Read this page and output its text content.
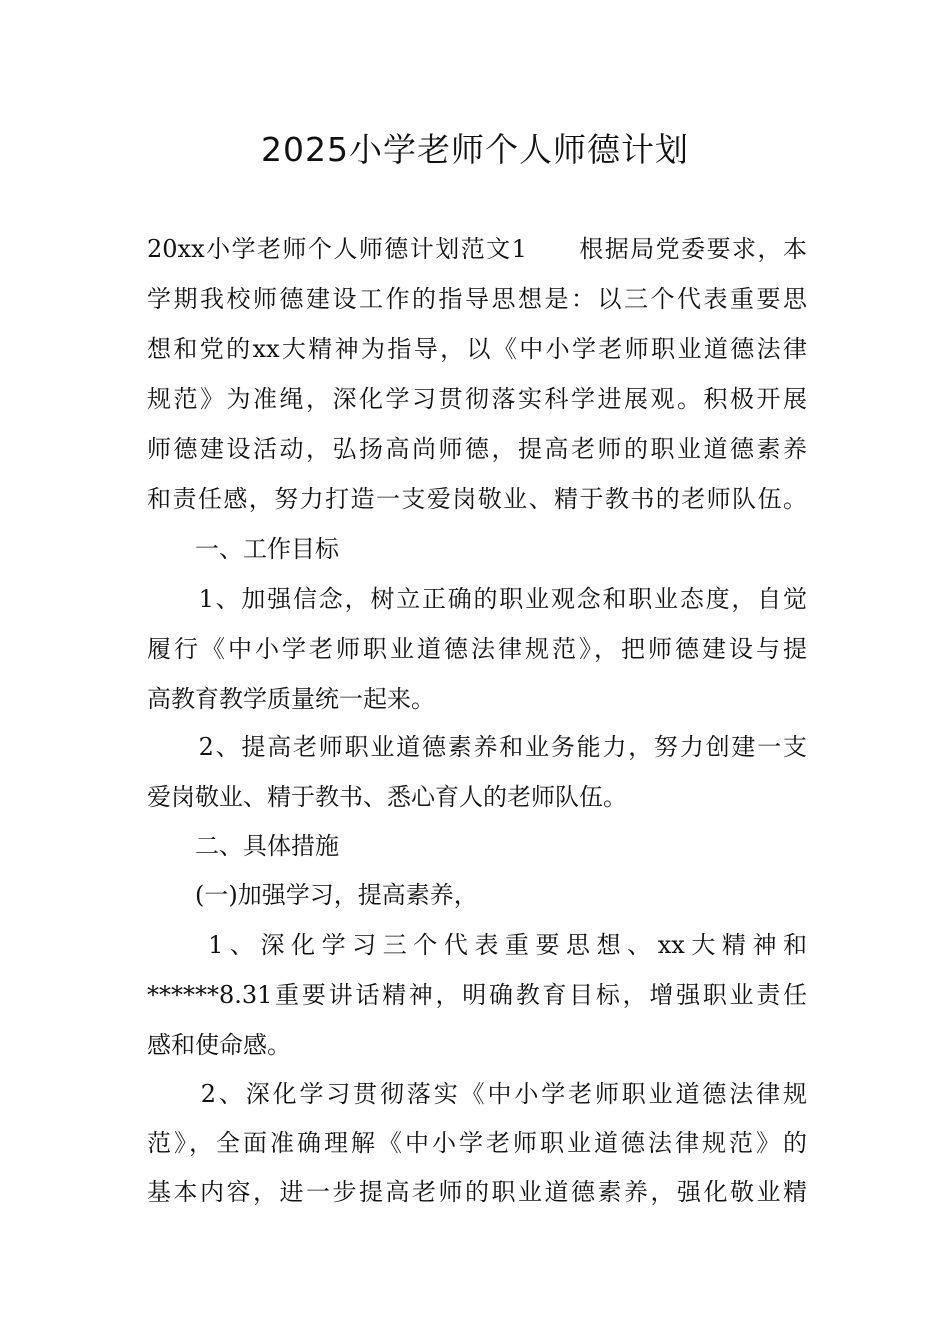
2025小学老师个人师德计划
20xx小学老师个人师德计划范文1　　根据局党委要求，本
学期我校师德建设工作的指导思想是：以三个代表重要思
想和党的xx大精神为指导，以《中小学老师职业道德法律
规范》为准绳，深化学习贯彻落实科学进展观。积极开展
师德建设活动，弘扬高尚师德，提高老师的职业道德素养
和责任感，努力打造一支爱岗敬业、精于教书的老师队伍。
　　一、工作目标
　　1、加强信念，树立正确的职业观念和职业态度，自觉
履行《中小学老师职业道德法律规范》，把师德建设与提
高教育教学质量统一起来。
　　2、提高老师职业道德素养和业务能力，努力创建一支
爱岗敬业、精于教书、悉心育人的老师队伍。
　　二、具体措施
　　(一)加强学习，提高素养，
　　1、深化学习三个代表重要思想、xx大精神和
******8.31重要讲话精神，明确教育目标，增强职业责任
感和使命感。
　　2、深化学习贯彻落实《中小学老师职业道德法律规
范》，全面准确理解《中小学老师职业道德法律规范》的
基本内容，进一步提高老师的职业道德素养，强化敬业精
